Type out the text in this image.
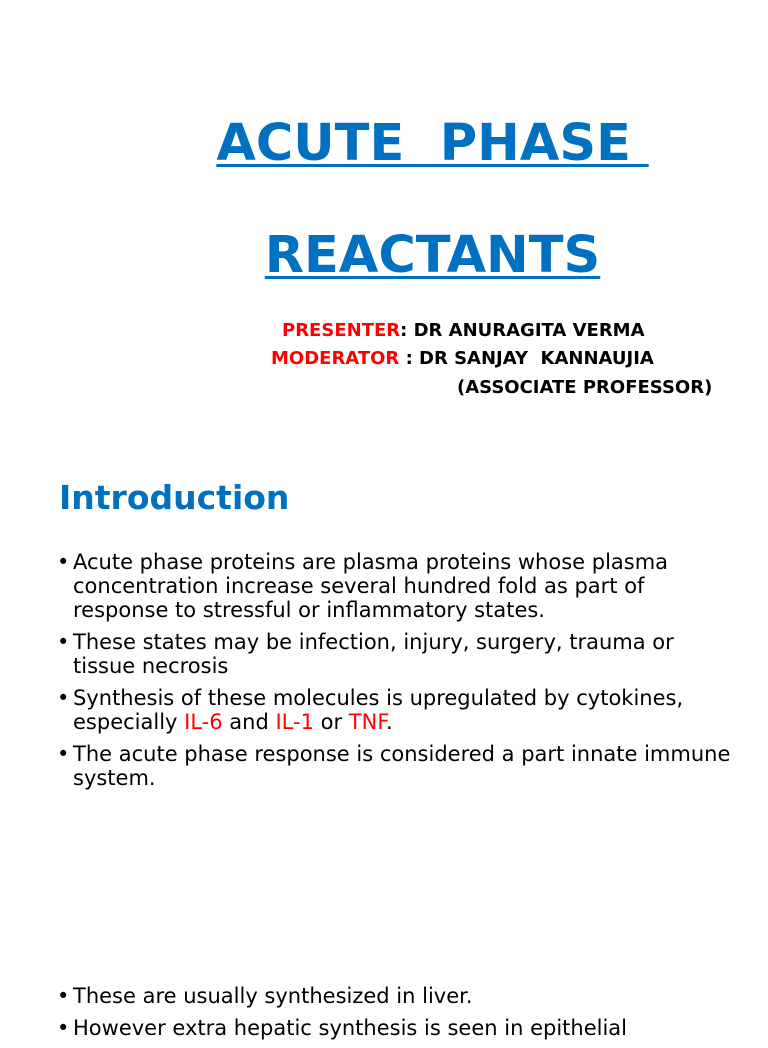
ACUTE  PHASE

REACTANTS

PRESENTER: DR ANURAGITA VERMA
MODERATOR : DR SANJAY  KANNAUJIA
(ASSOCIATE PROFESSOR)
Introduction
• Acute phase proteins are plasma proteins whose plasma concentration increase several hundred fold as part of response to stressful or inflammatory states.
• These states may be infection, injury, surgery, trauma or tissue necrosis
• Synthesis of these molecules is upregulated by cytokines, especially IL-6 and IL-1 or TNF.
• The acute phase response is considered a part innate immune system.
• These are usually synthesized in liver.
• However extra hepatic synthesis is seen in epithelial
